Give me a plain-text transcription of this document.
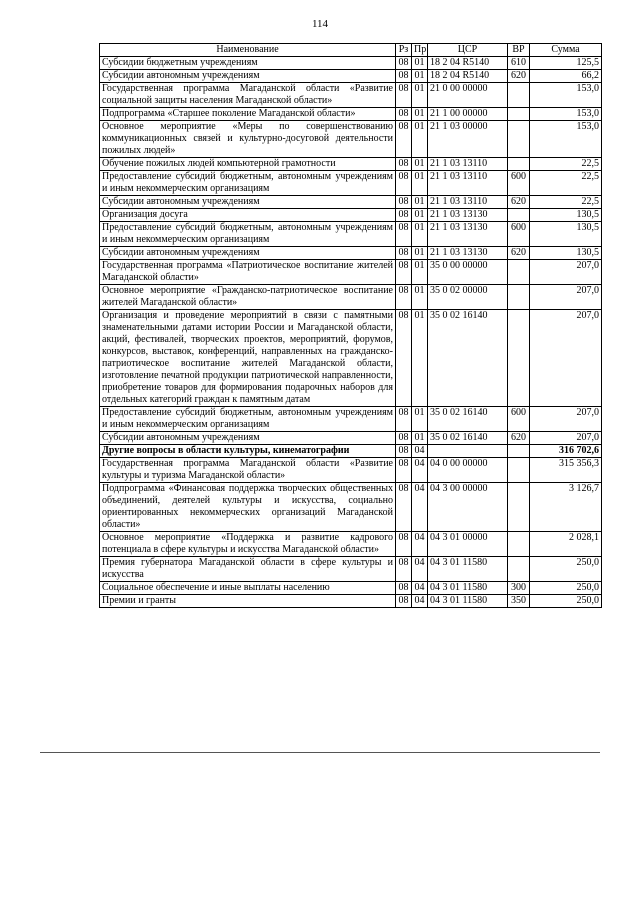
114
Наименование	Рз	Пр	ЦСР	ВР	Сумма
Субсидии бюджетным учреждениям	08	01	18 2 04 R5140	610	125,5
Субсидии автономным учреждениям	08	01	18 2 04 R5140	620	66,2
Государственная программа Магаданской области «Развитие социальной защиты населения Магаданской области»	08	01	21 0 00 00000		153,0
Подпрограмма «Старшее поколение Магаданской области»	08	01	21 1 00 00000		153,0
Основное мероприятие «Меры по совершенствованию коммуникационных связей и культурно-досуговой деятельности пожилых людей»	08	01	21 1 03 00000		153,0
Обучение пожилых людей компьютерной грамотности	08	01	21 1 03 13110		22,5
Предоставление субсидий бюджетным, автономным учреждениям и иным некоммерческим организациям	08	01	21 1 03 13110	600	22,5
Субсидии автономным учреждениям	08	01	21 1 03 13110	620	22,5
Организация досуга	08	01	21 1 03 13130		130,5
Предоставление субсидий бюджетным, автономным учреждениям и иным некоммерческим организациям	08	01	21 1 03 13130	600	130,5
Субсидии автономным учреждениям	08	01	21 1 03 13130	620	130,5
Государственная программа «Патриотическое воспитание жителей Магаданской области»	08	01	35 0 00 00000		207,0
Основное мероприятие «Гражданско-патриотическое воспитание жителей Магаданской области»	08	01	35 0 02 00000		207,0
Организация и проведение мероприятий в связи с памятными знаменательными датами истории России и Магаданской области, акций, фестивалей, творческих проектов, мероприятий, форумов, конкурсов, выставок, конференций, направленных на гражданско-патриотическое воспитание жителей Магаданской области, изготовление печатной продукции патриотической направленности, приобретение товаров для формирования подарочных наборов для отдельных категорий граждан к памятным датам	08	01	35 0 02 16140		207,0
Предоставление субсидий бюджетным, автономным учреждениям и иным некоммерческим организациям	08	01	35 0 02 16140	600	207,0
Субсидии автономным учреждениям	08	01	35 0 02 16140	620	207,0
Другие вопросы в области культуры, кинематографии	08	04			316 702,6
Государственная программа Магаданской области «Развитие культуры и туризма Магаданской области»	08	04	04 0 00 00000		315 356,3
Подпрограмма «Финансовая поддержка творческих общественных объединений, деятелей культуры и искусства, социально ориентированных некоммерческих организаций Магаданской области»	08	04	04 3 00 00000		3 126,7
Основное мероприятие «Поддержка и развитие кадрового потенциала в сфере культуры и искусства Магаданской области»	08	04	04 3 01 00000		2 028,1
Премия губернатора Магаданской области в сфере культуры и искусства	08	04	04 3 01 11580		250,0
Социальное обеспечение и иные выплаты населению	08	04	04 3 01 11580	300	250,0
Премии и гранты	08	04	04 3 01 11580	350	250,0
